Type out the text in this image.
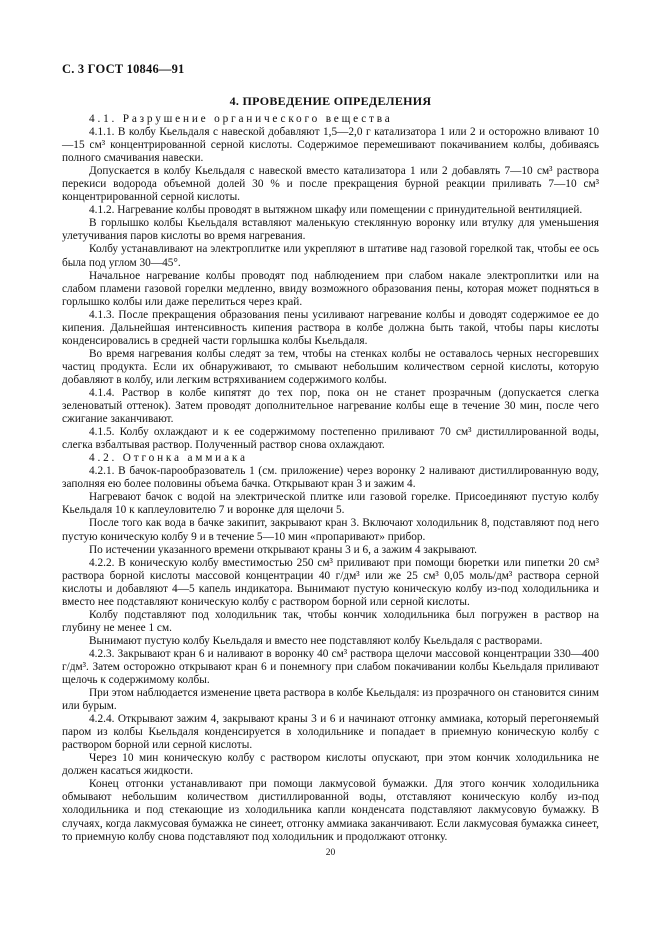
С. 3 ГОСТ 10846—91
4. ПРОВЕДЕНИЕ ОПРЕДЕЛЕНИЯ

4.1. Разрушение органического вещества

4.1.1. В колбу Кьельдаля с навеской добавляют 1,5—2,0 г катализатора 1 или 2 и осторожно вливают 10—15 см³ концентрированной серной кислоты. Содержимое перемешивают покачиванием колбы, добиваясь полного смачивания навески.

Допускается в колбу Кьельдаля с навеской вместо катализатора 1 или 2 добавлять 7—10 см³ раствора перекиси водорода объемной долей 30 % и после прекращения бурной реакции приливать 7—10 см³ концентрированной серной кислоты.

4.1.2. Нагревание колбы проводят в вытяжном шкафу или помещении с принудительной вентиляцией.

В горлышко колбы Кьельдаля вставляют маленькую стеклянную воронку или втулку для уменьшения улетучивания паров кислоты во время нагревания.

Колбу устанавливают на электроплитке или укрепляют в штативе над газовой горелкой так, чтобы ее ось была под углом 30—45°.

Начальное нагревание колбы проводят под наблюдением при слабом накале электроплитки или на слабом пламени газовой горелки медленно, ввиду возможного образования пены, которая может подняться в горлышко колбы или даже перелиться через край.

4.1.3. После прекращения образования пены усиливают нагревание колбы и доводят содержимое ее до кипения. Дальнейшая интенсивность кипения раствора в колбе должна быть такой, чтобы пары кислоты конденсировались в средней части горлышка колбы Кьельдаля.

Во время нагревания колбы следят за тем, чтобы на стенках колбы не оставалось черных несгоревших частиц продукта. Если их обнаруживают, то смывают небольшим количеством серной кислоты, которую добавляют в колбу, или легким встряхиванием содержимого колбы.

4.1.4. Раствор в колбе кипятят до тех пор, пока он не станет прозрачным (допускается слегка зеленоватый оттенок). Затем проводят дополнительное нагревание колбы еще в течение 30 мин, после чего сжигание заканчивают.

4.1.5. Колбу охлаждают и к ее содержимому постепенно приливают 70 см³ дистиллированной воды, слегка взбалтывая раствор. Полученный раствор снова охлаждают.

4.2. Отгонка аммиака

4.2.1. В бачок-парообразователь 1 (см. приложение) через воронку 2 наливают дистиллированную воду, заполняя ею более половины объема бачка. Открывают кран 3 и зажим 4.

Нагревают бачок с водой на электрической плитке или газовой горелке. Присоединяют пустую колбу Кьельдаля 10 к каплеуловителю 7 и воронке для щелочи 5.

После того как вода в бачке закипит, закрывают кран 3. Включают холодильник 8, подставляют под него пустую коническую колбу 9 и в течение 5—10 мин «пропаривают» прибор.

По истечении указанного времени открывают краны 3 и 6, а зажим 4 закрывают.

4.2.2. В коническую колбу вместимостью 250 см³ приливают при помощи бюретки или пипетки 20 см³ раствора борной кислоты массовой концентрации 40 г/дм³ или же 25 см³ 0,05 моль/дм³ раствора серной кислоты и добавляют 4—5 капель индикатора. Вынимают пустую коническую колбу из-под холодильника и вместо нее подставляют коническую колбу с раствором борной или серной кислоты.

Колбу подставляют под холодильник так, чтобы кончик холодильника был погружен в раствор на глубину не менее 1 см.

Вынимают пустую колбу Кьельдаля и вместо нее подставляют колбу Кьельдаля с растворами.

4.2.3. Закрывают кран 6 и наливают в воронку 40 см³ раствора щелочи массовой концентрации 330—400 г/дм³. Затем осторожно открывают кран 6 и понемногу при слабом покачивании колбы Кьельдаля приливают щелочь к содержимому колбы.

При этом наблюдается изменение цвета раствора в колбе Кьельдаля: из прозрачного он становится синим или бурым.

4.2.4. Открывают зажим 4, закрывают краны 3 и 6 и начинают отгонку аммиака, который перегоняемый паром из колбы Кьельдаля конденсируется в холодильнике и попадает в приемную коническую колбу с раствором борной или серной кислоты.

Через 10 мин коническую колбу с раствором кислоты опускают, при этом кончик холодильника не должен касаться жидкости.

Конец отгонки устанавливают при помощи лакмусовой бумажки. Для этого кончик холодильника обмывают небольшим количеством дистиллированной воды, отставляют коническую колбу из-под холодильника и под стекающие из холодильника капли конденсата подставляют лакмусовую бумажку. В случаях, когда лакмусовая бумажка не синеет, отгонку аммиака заканчивают. Если лакмусовая бумажка синеет, то приемную колбу снова подставляют под холодильник и продолжают отгонку.

20
